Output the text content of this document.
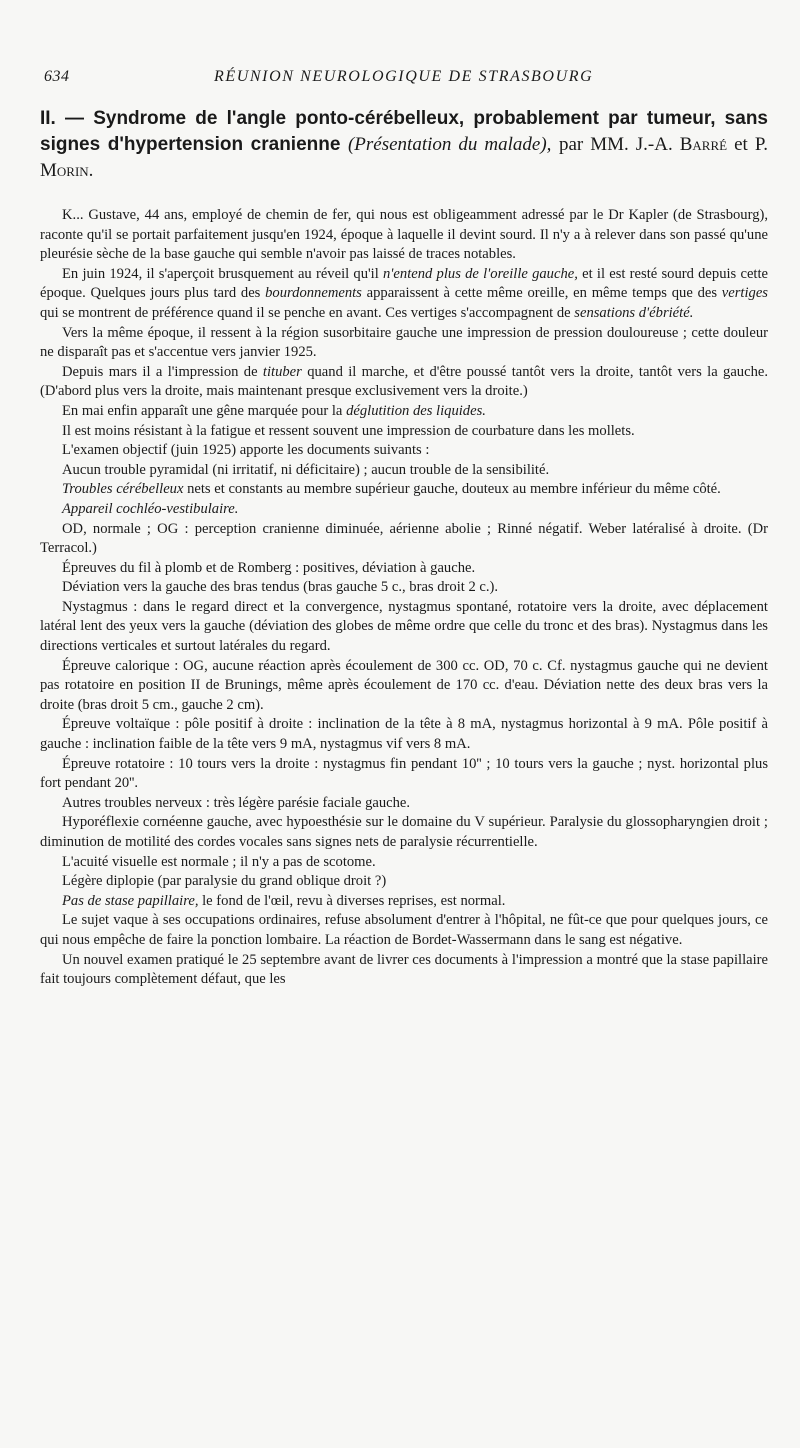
634	RÉUNION NEUROLOGIQUE DE STRASBOURG
II. — Syndrome de l'angle ponto-cérébelleux, probablement par tumeur, sans signes d'hypertension cranienne (Présentation du malade), par MM. J.-A. Barré et P. Morin.

K... Gustave, 44 ans, employé de chemin de fer, qui nous est obligeamment adressé par le Dr Kapler (de Strasbourg), raconte qu'il se portait parfaitement jusqu'en 1924, époque à laquelle il devint sourd. Il n'y a à relever dans son passé qu'une pleurésie sèche de la base gauche qui semble n'avoir pas laissé de traces notables.

En juin 1924, il s'aperçoit brusquement au réveil qu'il n'entend plus de l'oreille gauche, et il est resté sourd depuis cette époque. Quelques jours plus tard des bourdonnements apparaissent à cette même oreille, en même temps que des vertiges qui se montrent de préférence quand il se penche en avant. Ces vertiges s'accompagnent de sensations d'ébriété.

Vers la même époque, il ressent à la région susorbitaire gauche une impression de pression douloureuse ; cette douleur ne disparaît pas et s'accentue vers janvier 1925.

Depuis mars il a l'impression de tituber quand il marche, et d'être poussé tantôt vers la droite, tantôt vers la gauche. (D'abord plus vers la droite, mais maintenant presque exclusivement vers la droite.)

En mai enfin apparaît une gêne marquée pour la déglutition des liquides.

Il est moins résistant à la fatigue et ressent souvent une impression de courbature dans les mollets.

L'examen objectif (juin 1925) apporte les documents suivants :

Aucun trouble pyramidal (ni irritatif, ni déficitaire) ; aucun trouble de la sensibilité.

Troubles cérébelleux nets et constants au membre supérieur gauche, douteux au membre inférieur du même côté.

Appareil cochléo-vestibulaire.

OD, normale ; OG : perception cranienne diminuée, aérienne abolie ; Rinné négatif. Weber latéralisé à droite. (Dr Terracol.)

Épreuves du fil à plomb et de Romberg : positives, déviation à gauche.

Déviation vers la gauche des bras tendus (bras gauche 5 c., bras droit 2 c.).

Nystagmus : dans le regard direct et la convergence, nystagmus spontané, rotatoire vers la droite, avec déplacement latéral lent des yeux vers la gauche (déviation des globes de même ordre que celle du tronc et des bras). Nystagmus dans les directions verticales et surtout latérales du regard.

Épreuve calorique : OG, aucune réaction après écoulement de 300 cc. OD, 70 c. Cf. nystagmus gauche qui ne devient pas rotatoire en position II de Brunings, même après écoulement de 170 cc. d'eau. Déviation nette des deux bras vers la droite (bras droit 5 cm., gauche 2 cm).

Épreuve voltaïque : pôle positif à droite : inclination de la tête à 8 mA, nystagmus horizontal à 9 mA. Pôle positif à gauche : inclination faible de la tête vers 9 mA, nystagmus vif vers 8 mA.

Épreuve rotatoire : 10 tours vers la droite : nystagmus fin pendant 10'' ; 10 tours vers la gauche ; nyst. horizontal plus fort pendant 20''.

Autres troubles nerveux : très légère parésie faciale gauche.

Hyporéflexie cornéenne gauche, avec hypoesthésie sur le domaine du V supérieur. Paralysie du glossopharyngien droit ; diminution de motilité des cordes vocales sans signes nets de paralysie récurrentielle.

L'acuité visuelle est normale ; il n'y a pas de scotome.

Légère diplopie (par paralysie du grand oblique droit ?)

Pas de stase papillaire, le fond de l'œil, revu à diverses reprises, est normal.

Le sujet vaque à ses occupations ordinaires, refuse absolument d'entrer à l'hôpital, ne fût-ce que pour quelques jours, ce qui nous empêche de faire la ponction lombaire. La réaction de Bordet-Wassermann dans le sang est négative.

Un nouvel examen pratiqué le 25 septembre avant de livrer ces documents à l'impression a montré que la stase papillaire fait toujours complètement défaut, que les
